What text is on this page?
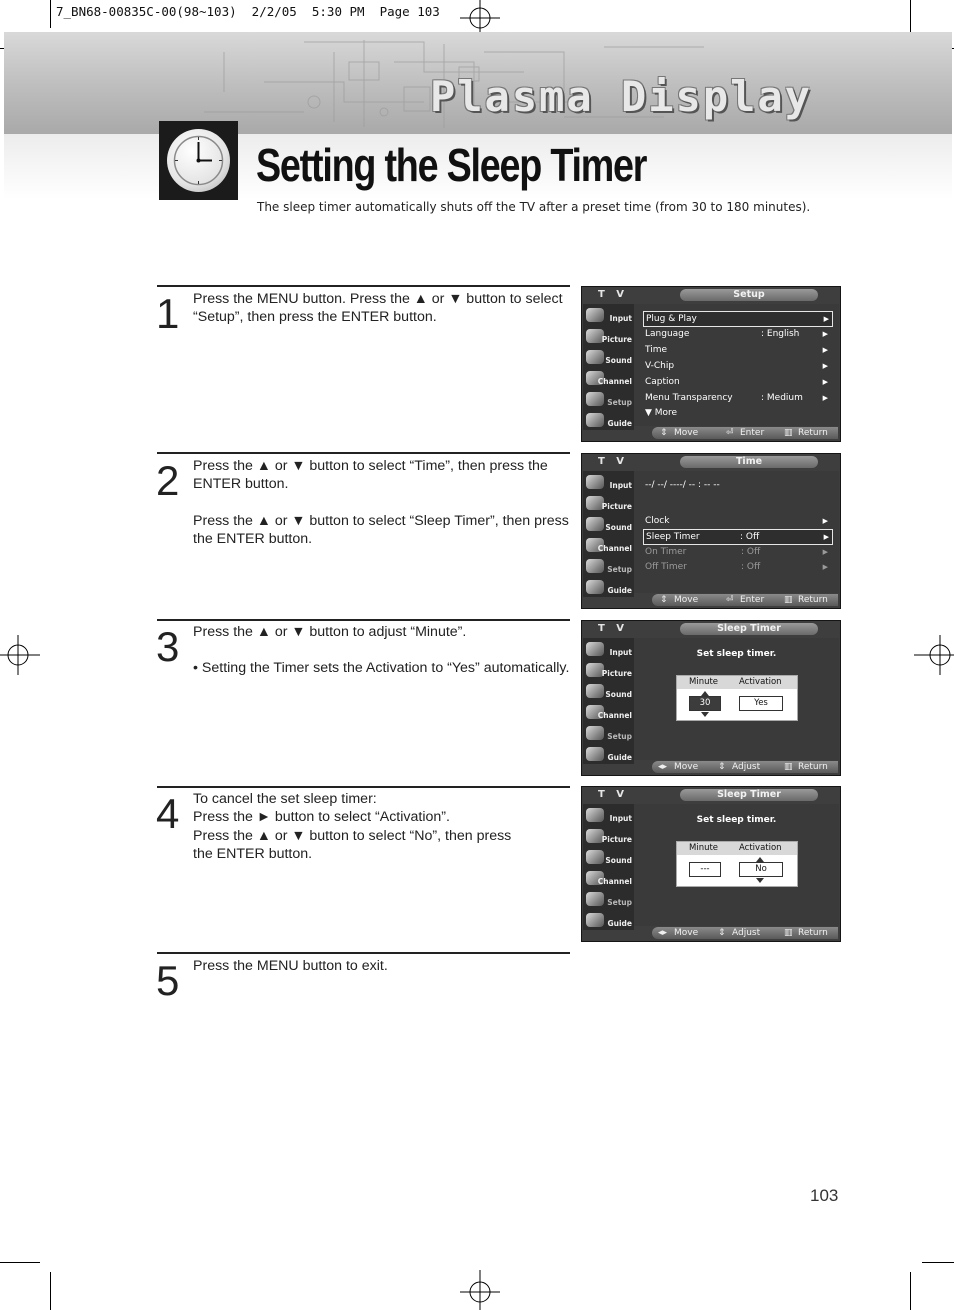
7_BN68-00835C-00(98~103)  2/2/05  5:30 PM  Page 103
Plasma Display
Setting the Sleep Timer
The sleep timer automatically shuts off the TV after a preset time (from 30 to 180 minutes).
1 Press the MENU button. Press the ▲ or ▼ button to select “Setup”, then press the ENTER button.

2 Press the ▲ or ▼ button to select “Time”, then press the ENTER button.

Press the ▲ or ▼ button to select “Sleep Timer”, then press the ENTER button.

3 Press the ▲ or ▼ button to adjust “Minute”.

• Setting the Timer sets the Activation to “Yes” automatically.

4 To cancel the set sleep timer:

Press the ► button to select “Activation”.

Press the ▲ or ▼ button to select “No”, then press

the ENTER button.

5 Press the MENU button to exit.

T V	Setup
Input
Picture
Sound
Channel
Setup
Guide
Plug & Play	▶
Language	: English	▶
Time	▶
V-Chip	▶
Caption	▶
Menu Transparency	: Medium	▶
▼ More
⇕ Move	⏎ Enter ▥ Return
T V	Time
Input
Picture
Sound
Channel
Setup
Guide
--/ --/ ----/ -- : -- --
Clock	▶
Sleep Timer	: Off	▶
On Timer	: Off	▶
Off Timer	: Off	▶
⇕ Move	⏎ Enter ▥ Return
T V	Sleep Timer
Input
Picture
Sound
Channel
Setup
Guide
Set sleep timer.
Minute Activation
30	Yes
◂▸ Move ⇕ Adjust	▥ Return
T V	Sleep Timer
Input
Picture
Sound
Channel
Setup
Guide
Set sleep timer.
Minute Activation
---	No
◂▸ Move ⇕ Adjust	▥ Return
103
